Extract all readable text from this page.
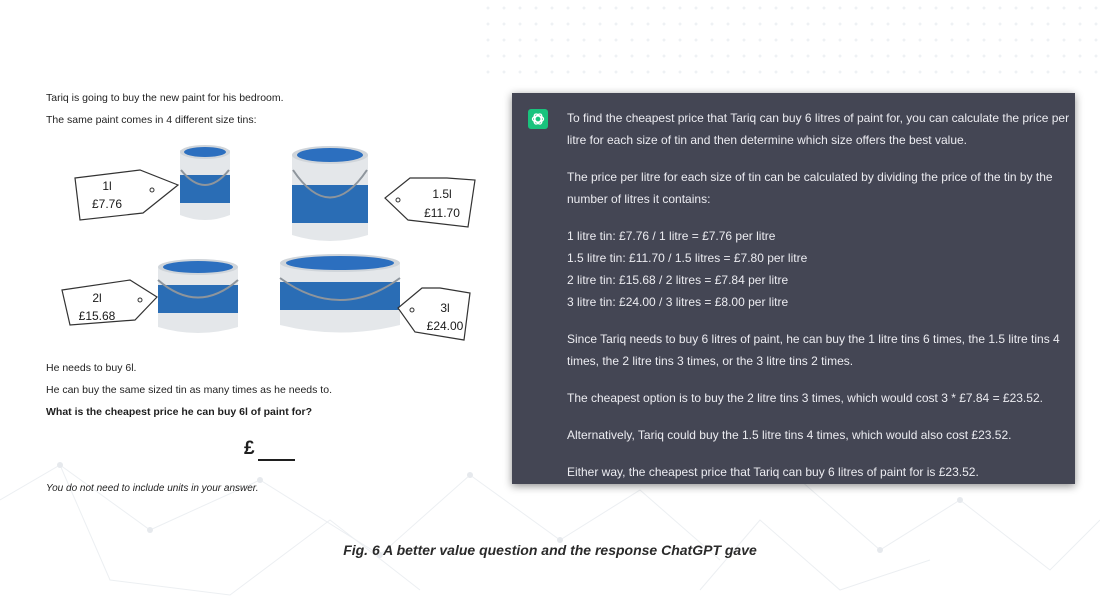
Tariq is going to buy the new paint for his bedroom.
The same paint comes in 4 different size tins:
1l
£7.76
1.5l
£11.70
2l
£15.68
3l
£24.00
He needs to buy 6l.
He can buy the same sized tin as many times as he needs to.
What is the cheapest price he can buy 6l of paint for?
£
You do not need to include units in your answer.

To find the cheapest price that Tariq can buy 6 litres of paint for, you can calculate the price per litre for each size of tin and then determine which size offers the best value.

The price per litre for each size of tin can be calculated by dividing the price of the tin by the number of litres it contains:

1 litre tin: £7.76 / 1 litre = £7.76 per litre
1.5 litre tin: £11.70 / 1.5 litres = £7.80 per litre
2 litre tin: £15.68 / 2 litres = £7.84 per litre
3 litre tin: £24.00 / 3 litres = £8.00 per litre

Since Tariq needs to buy 6 litres of paint, he can buy the 1 litre tins 6 times, the 1.5 litre tins 4 times, the 2 litre tins 3 times, or the 3 litre tins 2 times.

The cheapest option is to buy the 2 litre tins 3 times, which would cost 3 * £7.84 = £23.52.

Alternatively, Tariq could buy the 1.5 litre tins 4 times, which would also cost £23.52.

Either way, the cheapest price that Tariq can buy 6 litres of paint for is £23.52.

Fig. 6 A better value question and the response ChatGPT gave
